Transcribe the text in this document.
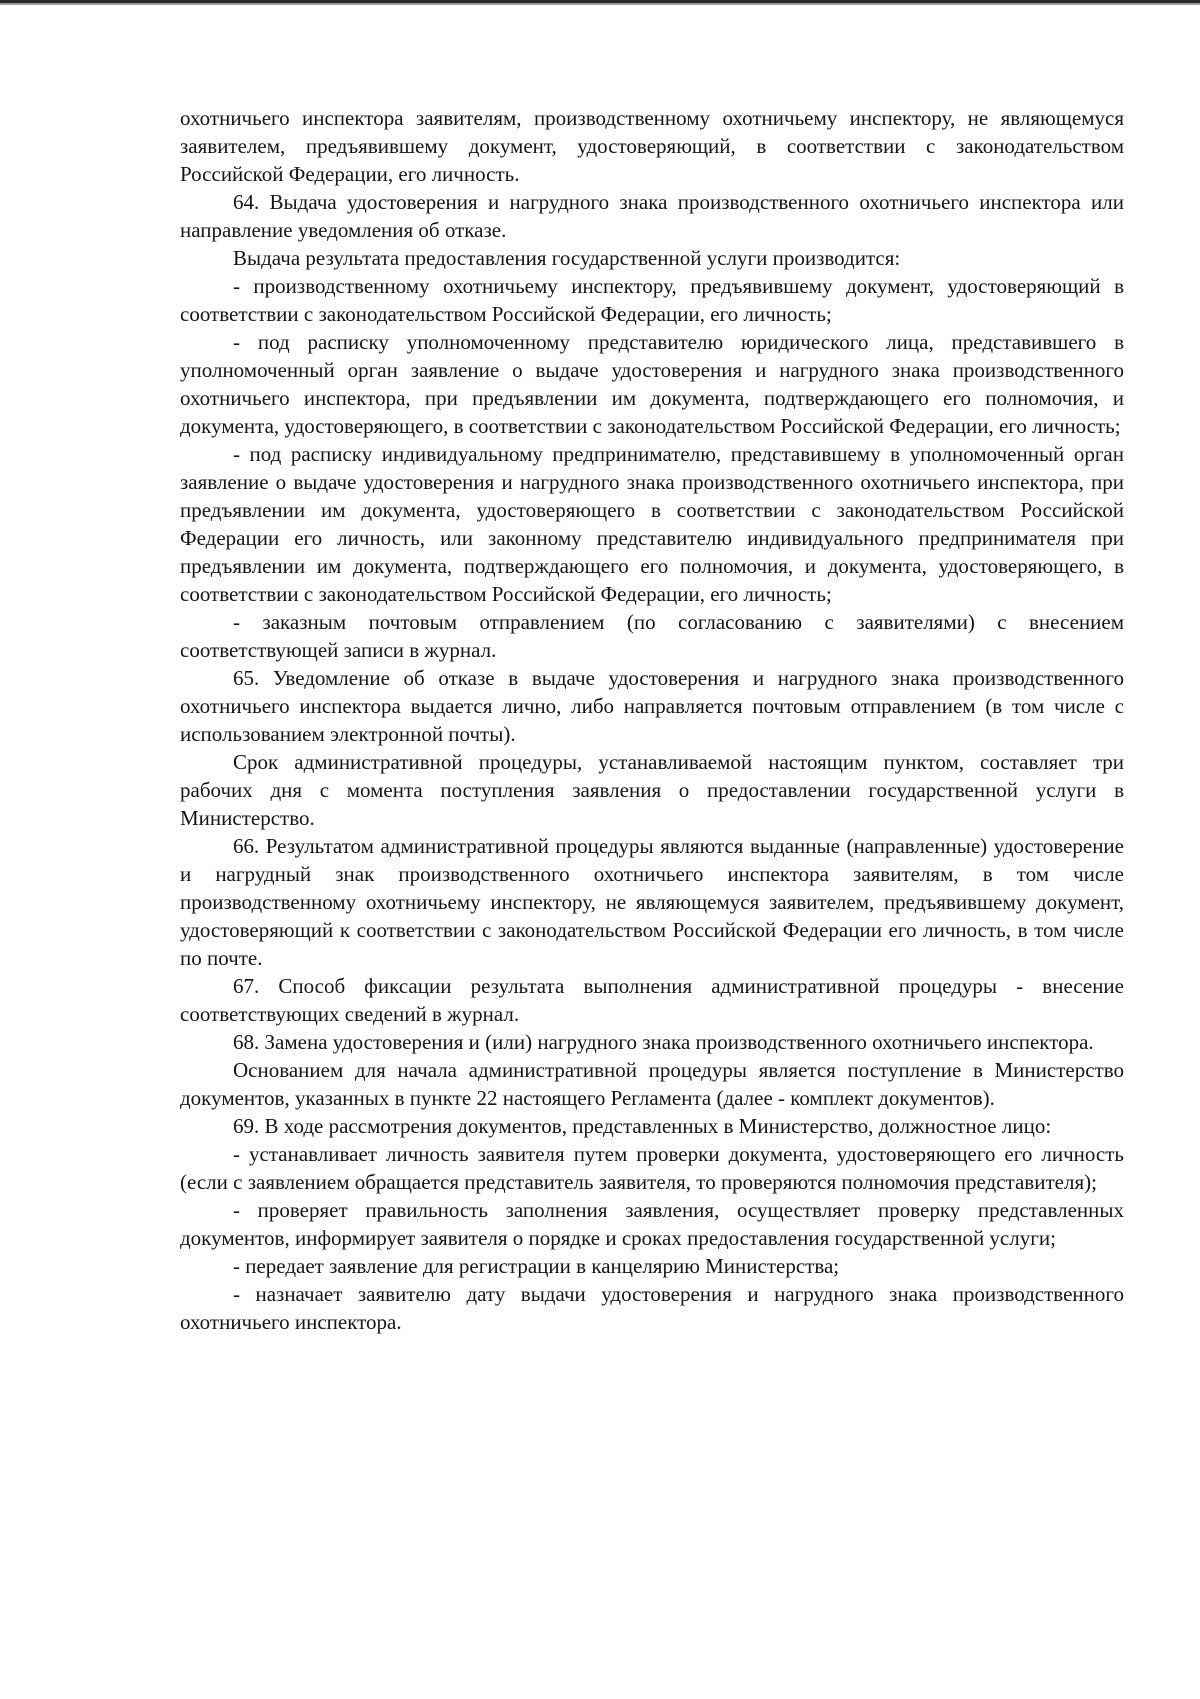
охотничьего инспектора заявителям, производственному охотничьему инспектору, не являющемуся заявителем, предъявившему документ, удостоверяющий, в соответствии с законодательством Российской Федерации, его личность.

64. Выдача удостоверения и нагрудного знака производственного охотничьего инспектора или направление уведомления об отказе.

Выдача результата предоставления государственной услуги производится:

- производственному охотничьему инспектору, предъявившему документ, удостоверяющий в соответствии с законодательством Российской Федерации, его личность;

- под расписку уполномоченному представителю юридического лица, представившего в уполномоченный орган заявление о выдаче удостоверения и нагрудного знака производственного охотничьего инспектора, при предъявлении им документа, подтверждающего его полномочия, и документа, удостоверяющего, в соответствии с законодательством Российской Федерации, его личность;

- под расписку индивидуальному предпринимателю, представившему в уполномоченный орган заявление о выдаче удостоверения и нагрудного знака производственного охотничьего инспектора, при предъявлении им документа, удостоверяющего в соответствии с законодательством Российской Федерации его личность, или законному представителю индивидуального предпринимателя при предъявлении им документа, подтверждающего его полномочия, и документа, удостоверяющего, в соответствии с законодательством Российской Федерации, его личность;

- заказным почтовым отправлением (по согласованию с заявителями) с внесением соответствующей записи в журнал.

65. Уведомление об отказе в выдаче удостоверения и нагрудного знака производственного охотничьего инспектора выдается лично, либо направляется почтовым отправлением (в том числе с использованием электронной почты).

Срок административной процедуры, устанавливаемой настоящим пунктом, составляет три рабочих дня с момента поступления заявления о предоставлении государственной услуги в Министерство.

66. Результатом административной процедуры являются выданные (направленные) удостоверение и нагрудный знак производственного охотничьего инспектора заявителям, в том числе производственному охотничьему инспектору, не являющемуся заявителем, предъявившему документ, удостоверяющий к соответствии с законодательством Российской Федерации его личность, в том числе по почте.

67. Способ фиксации результата выполнения административной процедуры - внесение соответствующих сведений в журнал.

68. Замена удостоверения и (или) нагрудного знака производственного охотничьего инспектора.

Основанием для начала административной процедуры является поступление в Министерство документов, указанных в пункте 22 настоящего Регламента (далее - комплект документов).

69. В ходе рассмотрения документов, представленных в Министерство, должностное лицо:

- устанавливает личность заявителя путем проверки документа, удостоверяющего его личность (если с заявлением обращается представитель заявителя, то проверяются полномочия представителя);

- проверяет правильность заполнения заявления, осуществляет проверку представленных документов, информирует заявителя о порядке и сроках предоставления государственной услуги;

- передает заявление для регистрации в канцелярию Министерства;

- назначает заявителю дату выдачи удостоверения и нагрудного знака производственного охотничьего инспектора.
